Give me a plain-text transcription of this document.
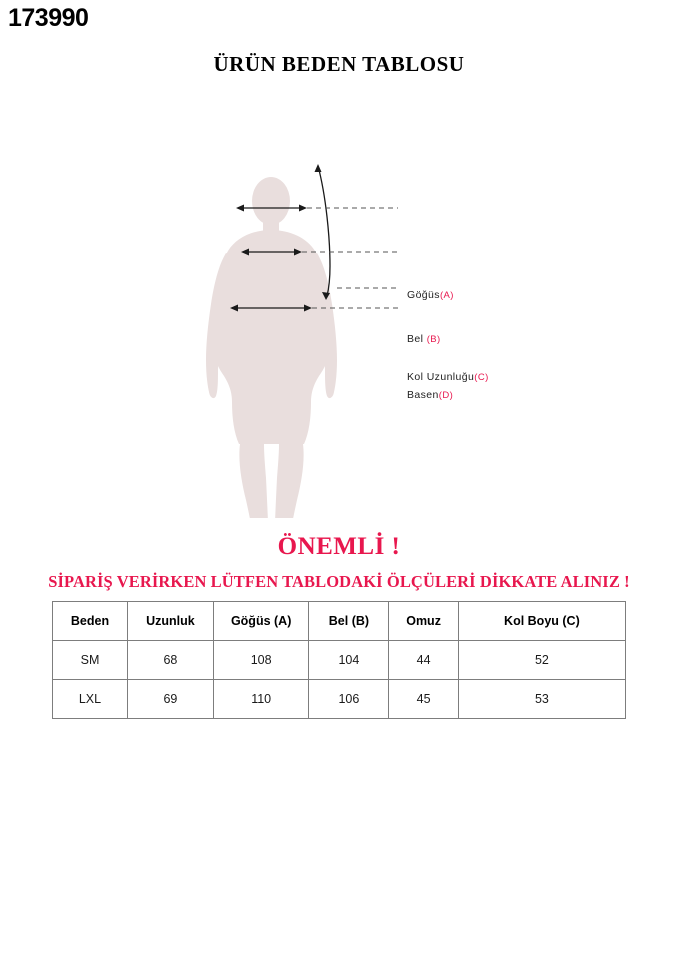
173990
ÜRÜN BEDEN TABLOSU
Göğüs(A)
Bel (B)
Kol Uzunluğu(C)
Basen(D)
ÖNEMLİ !
SİPARİŞ VERİRKEN LÜTFEN TABLODAKİ ÖLÇÜLERİ DİKKATE ALINIZ !
Beden	Uzunluk	Göğüs (A)	Bel (B)	Omuz	Kol Boyu (C)
SM	68	108	104	44	52
LXL	69	110	106	45	53
